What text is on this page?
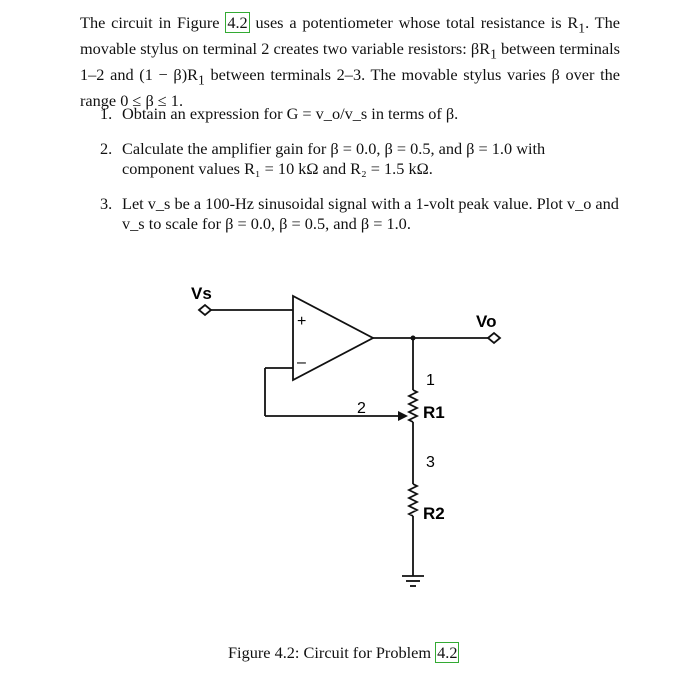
The circuit in Figure 4.2 uses a potentiometer whose total resistance is $R_1$. The movable stylus on terminal 2 creates two variable resistors: $\beta R_1$ between terminals 1–2 and $(1 - \beta)R_1$ between terminals 2–3. The movable stylus varies β over the range 0 ≤ β ≤ 1.
1. Obtain an expression for G = v_o/v_s in terms of β.
2. Calculate the amplifier gain for β = 0.0, β = 0.5, and β = 1.0 with component values R₁ = 10 kΩ and R₂ = 1.5 kΩ.
3. Let v_s be a 100-Hz sinusoidal signal with a 1-volt peak value. Plot v_o and v_s to scale for β = 0.0, β = 0.5, and β = 1.0.
Vs
Vo
+
–
1
2
3
R1
R2
Figure 4.2: Circuit for Problem 4.2
